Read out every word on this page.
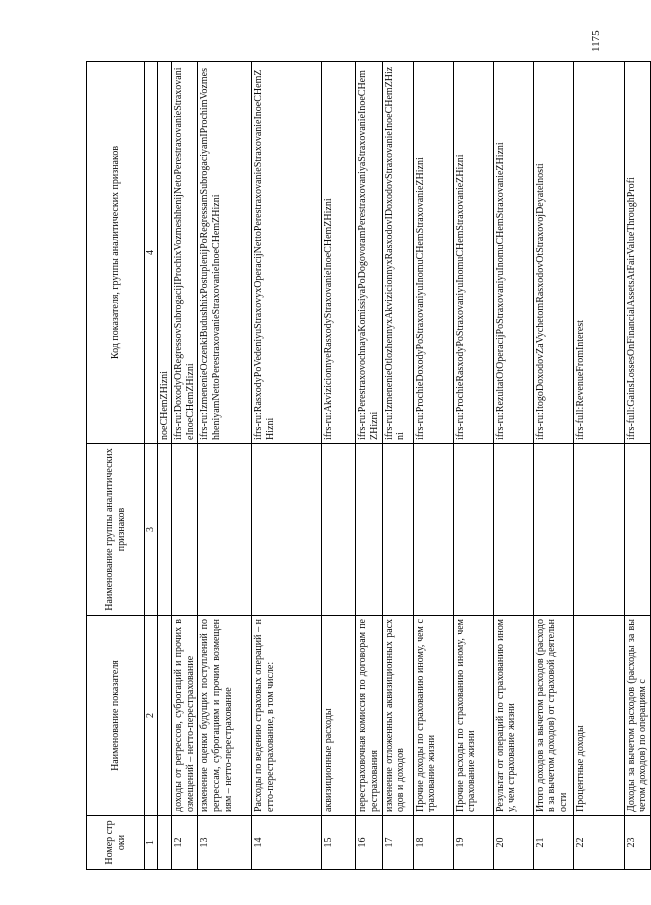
1175
Номер строки	Наименование показателя	Наименование группы аналитических признаков	Код показателя, группы аналитических признаков
1	2	3	4
			noeCHemZHizni
12	доходы от регрессов, суброгаций и прочих возмещений – нетто-перестрахование		ifrs-ru:DoxodyOtRegressovSubrogacijIProchixVozmeshhenijNetoPerestraxovanieStraxovanieInoeCHemZHizni
13	изменение оценки будущих поступлений по регрессам, суброгациям и прочим возмещениям – нетто-перестрахование		ifrs-ru:IzmenenieOczenkiBudushhixPostuplenijPoRegressamSubrogaciyamIProchimVozmeshheniyamNettoPerestraxovanieStraxovanieInoeCHemZHizni
14	Расходы по ведению страховых операций – нетто-перестрахование, в том числе:		ifrs-ru:RasxodyPoVedeniyuStraxovyxOperacijNettoPerestraxovanieStraxovanieInoeCHemZHizni
15	аквизиционные расходы		ifrs-ru:AkvizicionnyeRasxodyStraxovanieInoeCHemZHizni
16	перестраховочная комиссия по договорам перестрахования		ifrs-ru:PerestraxovochnayaKomissiyaPoDogovoramPerestraxovaniyaStraxovanieInoeCHemZHizni
17	изменение отложенных аквизиционных расходов и доходов		ifrs-ru:IzmenenieOtlozhennyxAkvizicionnyxRasxodovIDoxodovStraxovanieInoeCHemZHizni
18	Прочие доходы по страхованию иному, чем страхование жизни		ifrs-ru:ProchieDoxodyPoStraxovaniyuInomuCHemStraxovanieZHizni
19	Прочие расходы по страхованию иному, чем страхование жизни		ifrs-ru:ProchieRasxodyPoStraxovaniyuInomuCHemStraxovanieZHizni
20	Результат от операций по страхованию иному, чем страхование жизни		ifrs-ru:RezultatOtOperacijPoStraxovaniyuInomuCHemStraxovanieZHizni
21	Итого доходов за вычетом расходов (расходов за вычетом доходов) от страховой деятельности		ifrs-ru:ItogoDoxodovZaVychetomRasxodovOtStraxovojDeyatelnosti
22	Процентные доходы		ifrs-full:RevenueFromInterest
23	Доходы за вычетом расходов (расходы за вычетом доходов) по операциям с		ifrs-full:GainsLossesOnFinancialAssetsAtFairValueThroughProfi
